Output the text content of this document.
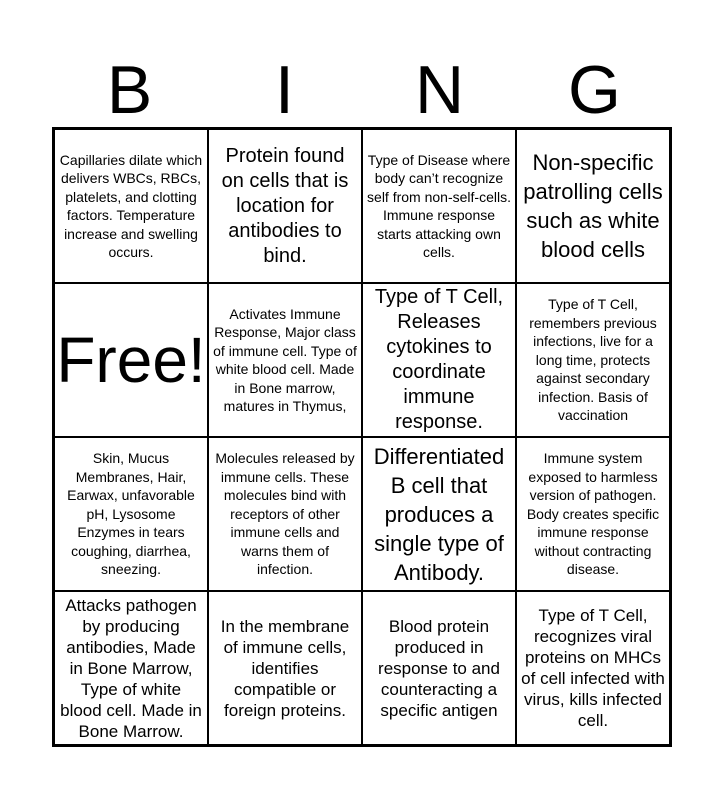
B	I	N	G
Capillaries dilate which delivers WBCs, RBCs, platelets, and clotting factors. Temperature increase and swelling occurs.
Protein found on cells that is location for antibodies to bind.
Type of Disease where body can’t recognize self from non-self-cells. Immune response starts attacking own cells.
Non-specific patrolling cells such as white blood cells
Free!
Activates Immune Response, Major class of immune cell. Type of white blood cell. Made in Bone marrow, matures in Thymus,
Type of T Cell, Releases cytokines to coordinate immune response.
Type of T Cell, remembers previous infections, live for a long time, protects against secondary infection. Basis of vaccination
Skin, Mucus Membranes, Hair, Earwax, unfavorable pH, Lysosome Enzymes in tears coughing, diarrhea, sneezing.
Molecules released by immune cells. These molecules bind with receptors of other immune cells and warns them of infection.
Differentiated B cell that produces a single type of Antibody.
Immune system exposed to harmless version of pathogen. Body creates specific immune response without contracting disease.
Attacks pathogen by producing antibodies, Made in Bone Marrow, Type of white blood cell. Made in Bone Marrow.
In the membrane of immune cells, identifies compatible or foreign proteins.
Blood protein produced in response to and counteracting a specific antigen
Type of T Cell, recognizes viral proteins on MHCs of cell infected with virus, kills infected cell.
